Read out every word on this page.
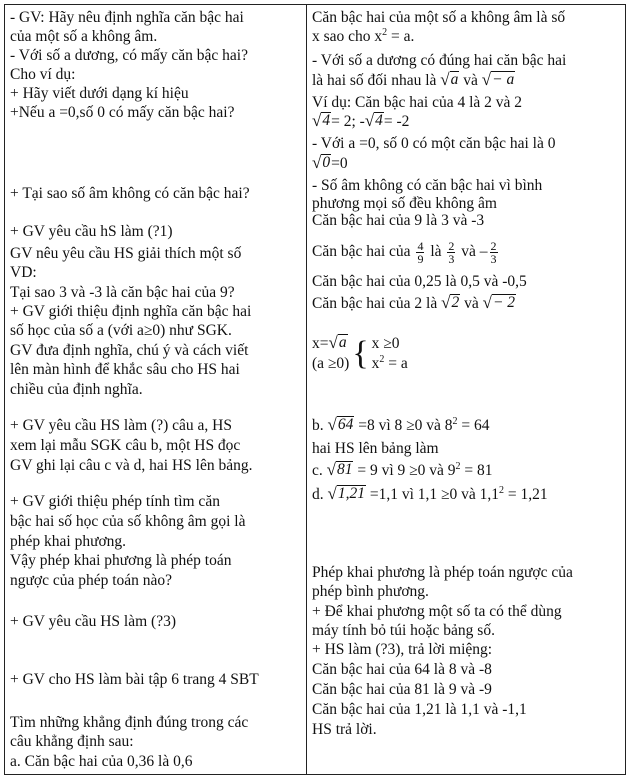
- GV: Hãy nêu định nghĩa căn bậc hai
của một số a không âm.
- Với số a dương, có mấy căn bậc hai?
Cho ví dụ:
+ Hãy viết dưới dạng kí hiệu
+Nếu a =0,số 0 có mấy căn bậc hai?
+ Tại sao số âm không có căn bậc hai?
+ GV yêu cầu hS làm (?1)
GV nêu yêu cầu HS giải thích một số
VD:
Tại sao 3 và -3 là căn bậc hai của 9?
+ GV giới thiệu định nghĩa căn bậc hai
số học của số a (với a≥0) như SGK.
GV đưa định nghĩa, chú ý và cách viết
lên màn hình để khắc sâu cho HS hai
chiều của định nghĩa.
+ GV yêu cầu HS làm (?) câu a, HS
xem lại mẫu SGK câu b, một HS đọc
GV ghi lại câu c và d, hai HS lên bảng.
+ GV giới thiệu phép tính tìm căn
bậc hai số học của số không âm gọi là
phép khai phương.
Vậy phép khai phương là phép toán
ngược của phép toán nào?
+ GV yêu cầu HS làm (?3)
+ GV cho HS làm bài tập 6 trang 4 SBT
Tìm những khẳng định đúng trong các
câu khẳng định sau:
a. Căn bậc hai của 0,36 là 0,6
Căn bậc hai của một số a không âm là số
x sao cho $x^2 = a$.
- Với số a dương có đúng hai căn bậc hai
là hai số đối nhau là √ a và √ − a
Ví dụ: Căn bậc hai của 4 là 2 và 2
√ 4 = 2; - √ 4 = -2
- Với a =0, số 0 có một căn bậc hai là 0
√ 0 =0
- Số âm không có căn bậc hai vì bình
phương mọi số đều không âm
Căn bậc hai của 9 là 3 và -3
Căn bậc hai của $\frac{4}{9}$ là $\frac{2}{3}$ và – $\frac{2}{3}$
Căn bậc hai của 0,25 là 0,5 và -0,5
Căn bậc hai của 2 là √ 2 và √ − 2
x= √ a
(a ≥0) { x ≥0
$x^2 = a$
b. √ 64 =8 vì 8 ≥0 và $8^2 = 64$
hai HS lên bảng làm
c. √ 81 = 9 vì 9 ≥0 và $9^2 = 81$
d. √ 1,21 =1,1 vì 1,1 ≥0 và $1,1^2 = 1,21$
Phép khai phương là phép toán ngược của
phép bình phương.
+ Để khai phương một số ta có thể dùng
máy tính bỏ túi hoặc bảng số.
+ HS làm (?3), trả lời miệng:
Căn bậc hai của 64 là 8 và -8
Căn bậc hai của 81 là 9 và -9
Căn bậc hai của 1,21 là 1,1 và -1,1
HS trả lời.
